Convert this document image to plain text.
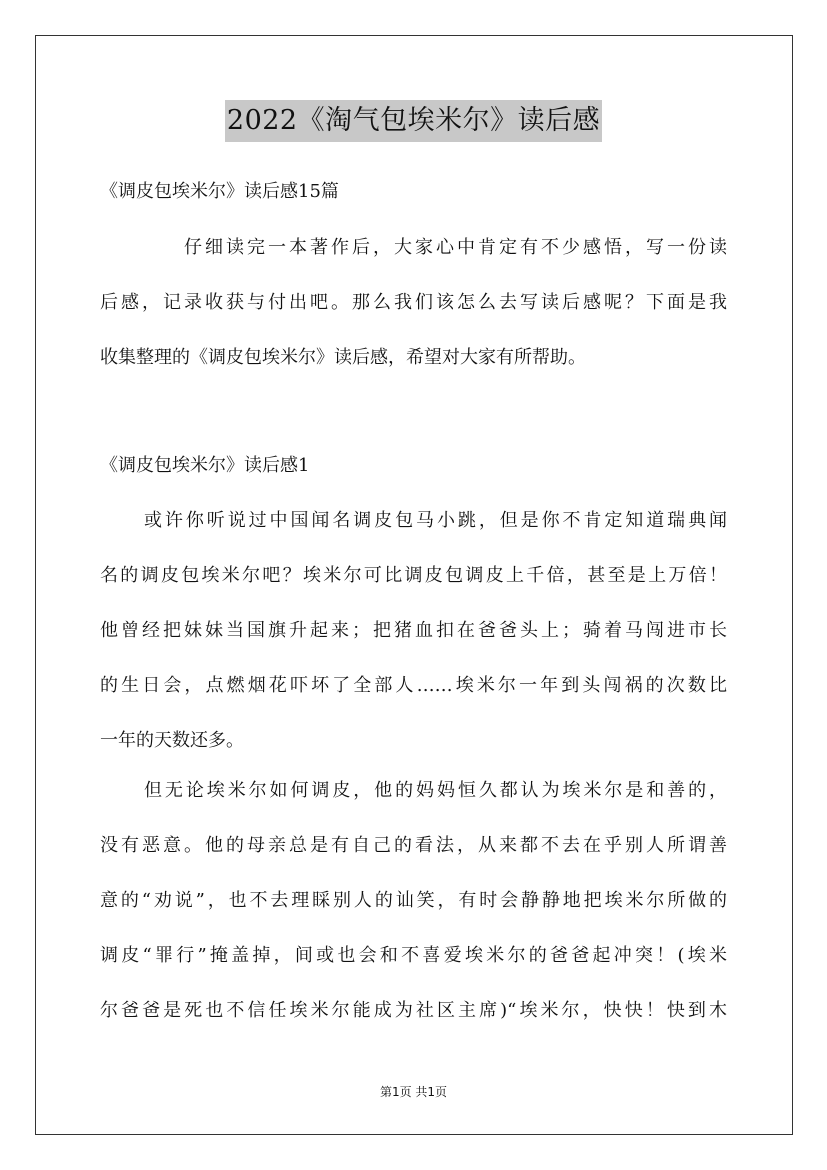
2022《淘气包埃米尔》读后感
《调皮包埃米尔》读后感15篇
仔细读完一本著作后，大家心中肯定有不少感悟，写一份读
后感，记录收获与付出吧。那么我们该怎么去写读后感呢？下面是我
收集整理的《调皮包埃米尔》读后感，希望对大家有所帮助。
《调皮包埃米尔》读后感1
或许你听说过中国闻名调皮包马小跳，但是你不肯定知道瑞典闻
名的调皮包埃米尔吧？埃米尔可比调皮包调皮上千倍，甚至是上万倍！
他曾经把妹妹当国旗升起来；把猪血扣在爸爸头上；骑着马闯进市长
的生日会，点燃烟花吓坏了全部人……埃米尔一年到头闯祸的次数比
一年的天数还多。
但无论埃米尔如何调皮，他的妈妈恒久都认为埃米尔是和善的，
没有恶意。他的母亲总是有自己的看法，从来都不去在乎别人所谓善
意的“劝说”，也不去理睬别人的讪笑，有时会静静地把埃米尔所做的
调皮“罪行”掩盖掉，间或也会和不喜爱埃米尔的爸爸起冲突！(埃米
尔爸爸是死也不信任埃米尔能成为社区主席)“埃米尔，快快！快到木
第1页 共1页
